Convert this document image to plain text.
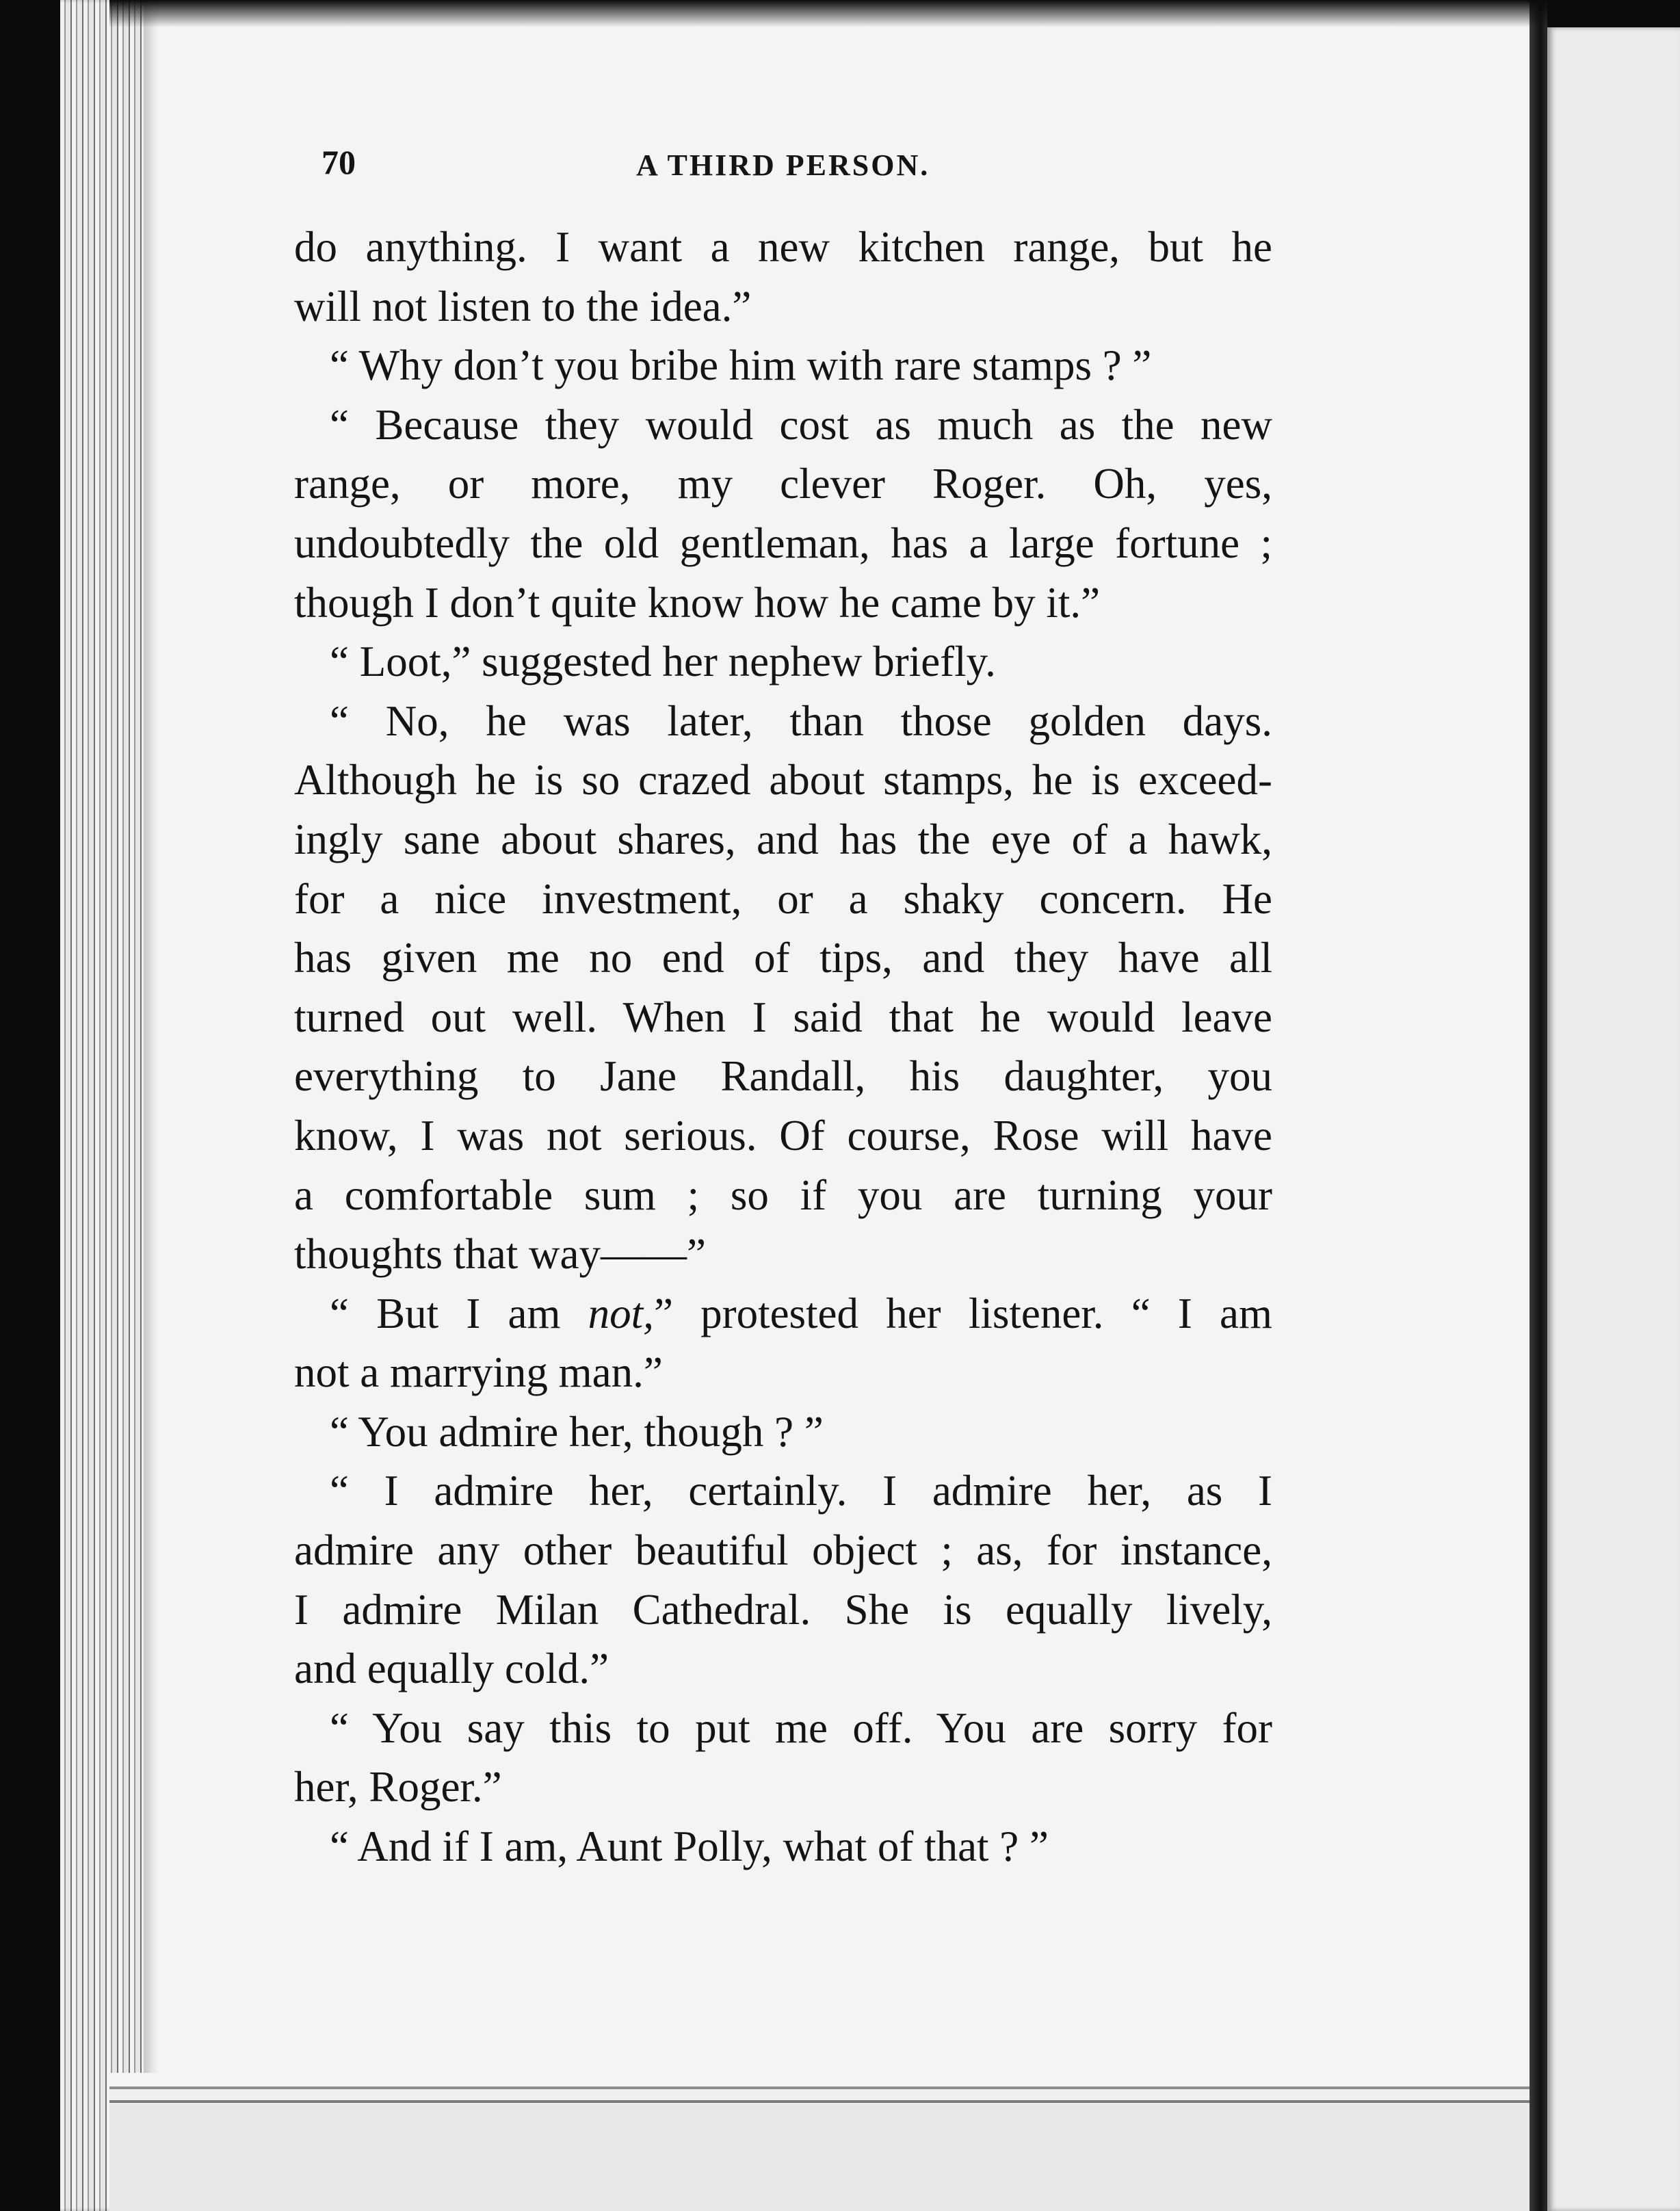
70	A THIRD PERSON.
do anything. I want a new kitchen range, but he
will not listen to the idea.”
“ Why don’t you bribe him with rare stamps ? ”
“ Because they would cost as much as the new
range, or more, my clever Roger. Oh, yes,
undoubtedly the old gentleman, has a large fortune ;
though I don’t quite know how he came by it.”
“ Loot,” suggested her nephew briefly.
“ No, he was later, than those golden days.
Although he is so crazed about stamps, he is exceed-
ingly sane about shares, and has the eye of a hawk,
for a nice investment, or a shaky concern. He
has given me no end of tips, and they have all
turned out well. When I said that he would leave
everything to Jane Randall, his daughter, you
know, I was not serious. Of course, Rose will have
a comfortable sum ; so if you are turning your
thoughts that way——”
“ But I am not,” protested her listener. “ I am
not a marrying man.”
“ You admire her, though ? ”
“ I admire her, certainly. I admire her, as I
admire any other beautiful object ; as, for instance,
I admire Milan Cathedral. She is equally lively,
and equally cold.”
“ You say this to put me off. You are sorry for
her, Roger.”
“ And if I am, Aunt Polly, what of that ? ”
